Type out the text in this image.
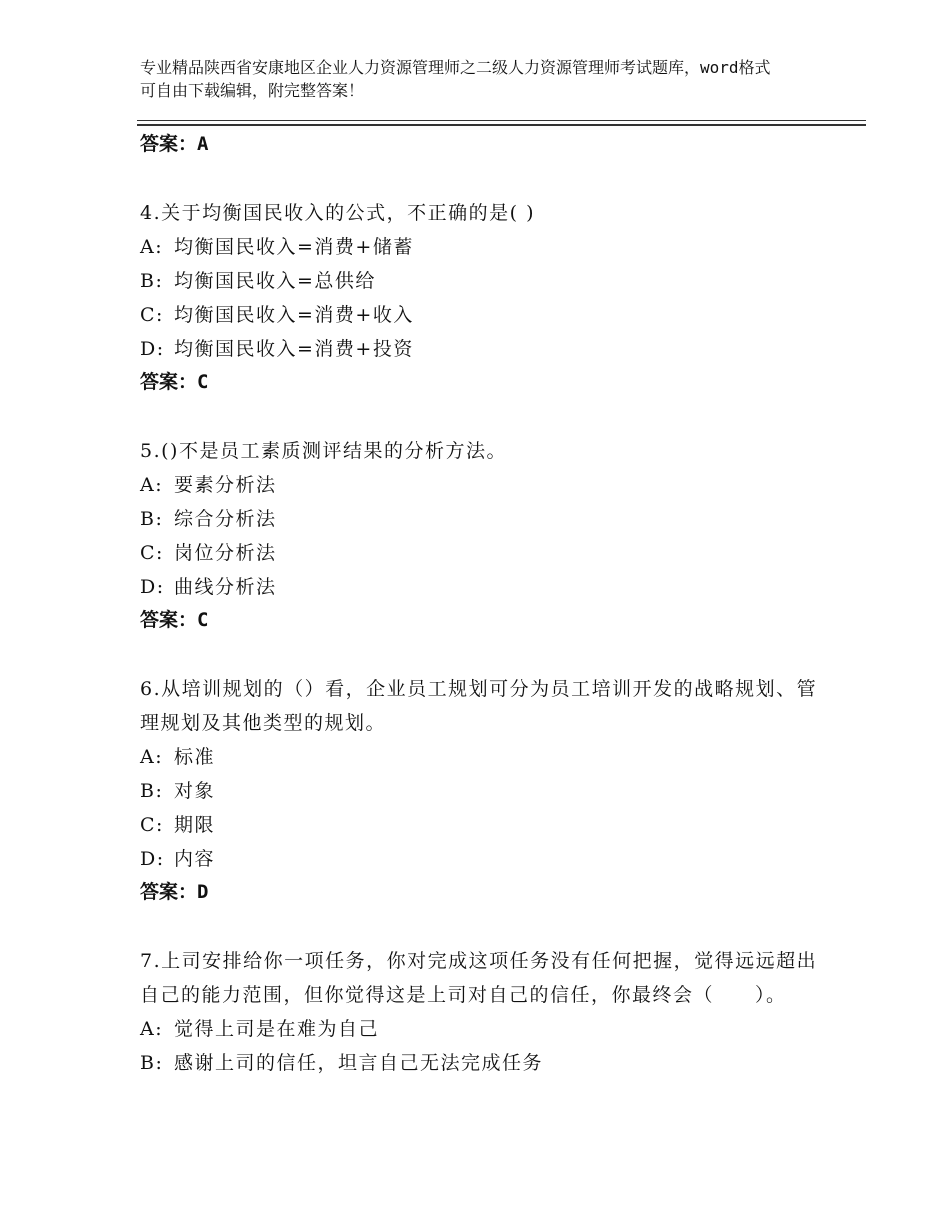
专业精品陕西省安康地区企业人力资源管理师之二级人力资源管理师考试题库，word格式可自由下载编辑，附完整答案！
答案：A
4.关于均衡国民收入的公式，不正确的是( )
A: 均衡国民收入=消费+储蓄
B: 均衡国民收入=总供给
C: 均衡国民收入=消费+收入
D: 均衡国民收入=消费+投资
答案：C
5.()不是员工素质测评结果的分析方法。
A: 要素分析法
B: 综合分析法
C: 岗位分析法
D: 曲线分析法
答案：C
6.从培训规划的（）看，企业员工规划可分为员工培训开发的战略规划、管理规划及其他类型的规划。
A: 标准
B: 对象
C: 期限
D: 内容
答案：D
7.上司安排给你一项任务，你对完成这项任务没有任何把握，觉得远远超出自己的能力范围，但你觉得这是上司对自己的信任，你最终会（　　）。
A: 觉得上司是在难为自己
B: 感谢上司的信任，坦言自己无法完成任务
